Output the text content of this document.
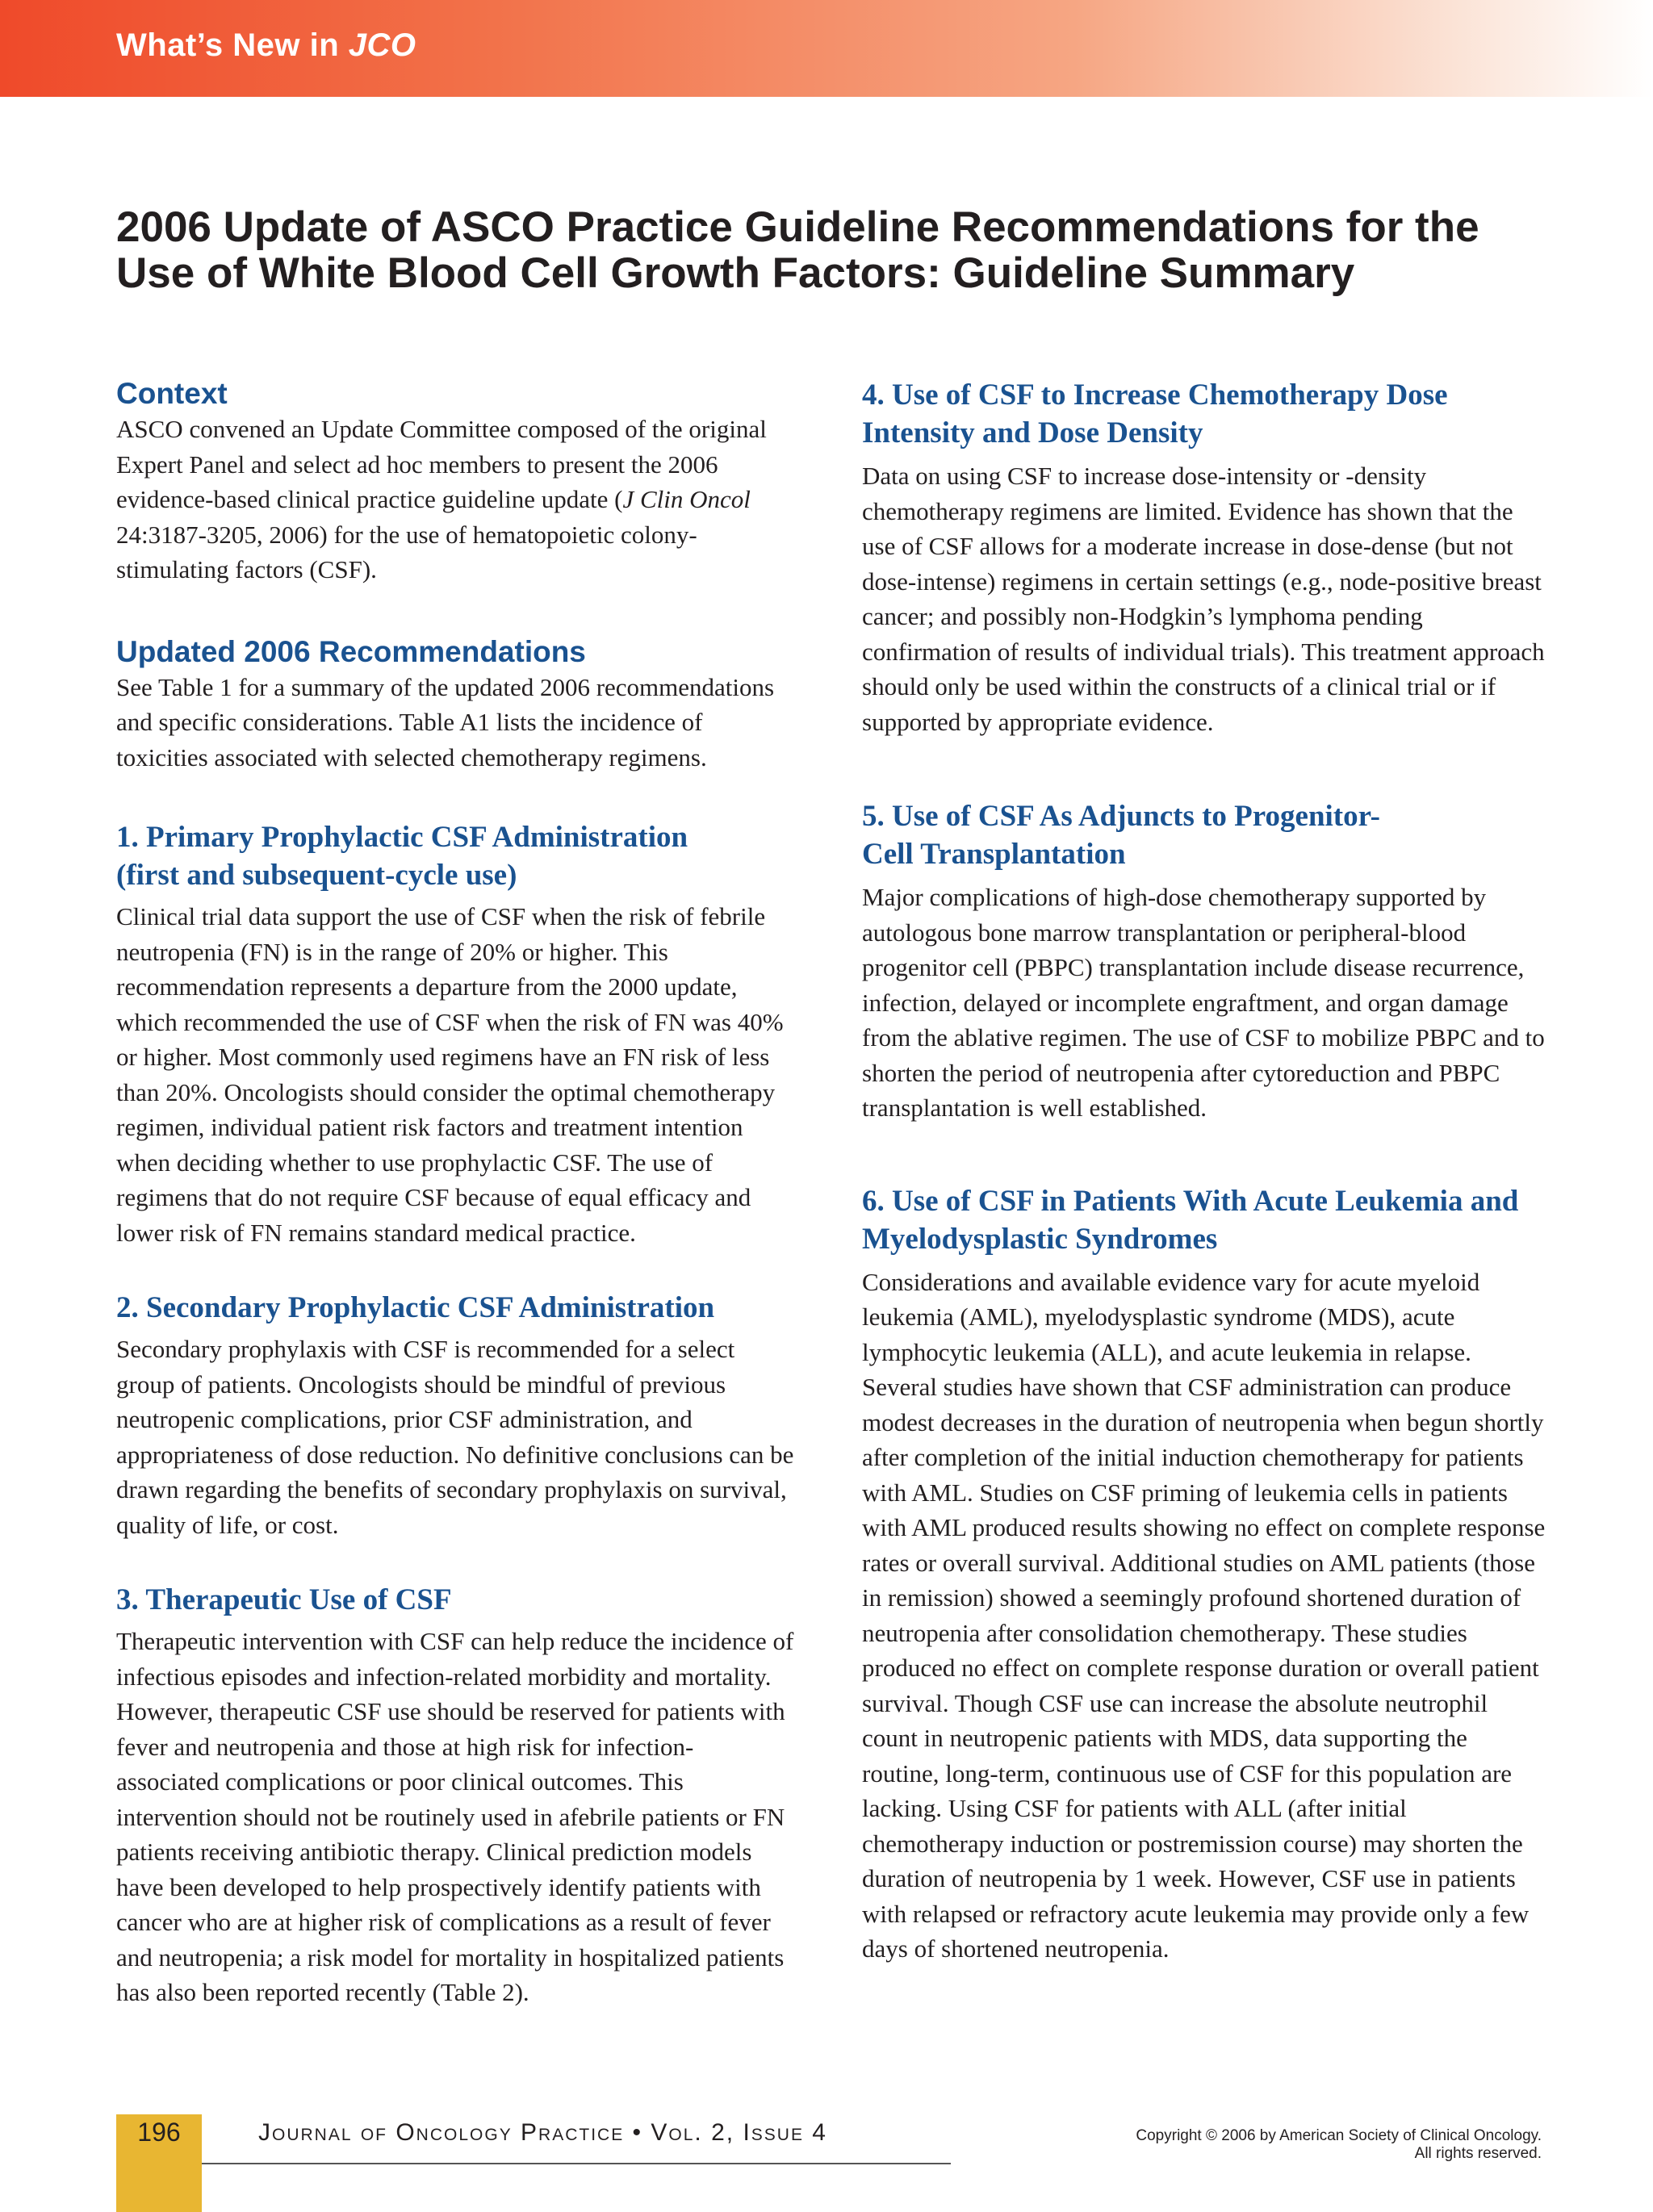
What’s New in JCO
2006 Update of ASCO Practice Guideline Recommendations for the Use of White Blood Cell Growth Factors: Guideline Summary
Context

ASCO convened an Update Committee composed of the original Expert Panel and select ad hoc members to present the 2006 evidence-based clinical practice guideline update (J Clin Oncol 24:3187-3205, 2006) for the use of hematopoietic colony-stimulating factors (CSF).

Updated 2006 Recommendations

See Table 1 for a summary of the updated 2006 recommendations and specific considerations. Table A1 lists the incidence of toxicities associated with selected chemotherapy regimens.

1. Primary Prophylactic CSF Administration
(first and subsequent-cycle use)

Clinical trial data support the use of CSF when the risk of febrile neutropenia (FN) is in the range of 20% or higher. This recommendation represents a departure from the 2000 update, which recommended the use of CSF when the risk of FN was 40% or higher. Most commonly used regimens have an FN risk of less than 20%. Oncologists should consider the optimal chemotherapy regimen, individual patient risk factors and treatment intention when deciding whether to use prophylactic CSF. The use of regimens that do not require CSF because of equal efficacy and lower risk of FN remains standard medical practice.

2. Secondary Prophylactic CSF Administration

Secondary prophylaxis with CSF is recommended for a select group of patients. Oncologists should be mindful of previous neutropenic complications, prior CSF administration, and appropriateness of dose reduction. No definitive conclusions can be drawn regarding the benefits of secondary prophylaxis on survival, quality of life, or cost.

3. Therapeutic Use of CSF

Therapeutic intervention with CSF can help reduce the incidence of infectious episodes and infection-related morbidity and mortality. However, therapeutic CSF use should be reserved for patients with fever and neutropenia and those at high risk for infection-associated complications or poor clinical outcomes. This intervention should not be routinely used in afebrile patients or FN patients receiving antibiotic therapy. Clinical prediction models have been developed to help prospectively identify patients with cancer who are at higher risk of complications as a result of fever and neutropenia; a risk model for mortality in hospitalized patients has also been reported recently (Table 2).

4. Use of CSF to Increase Chemotherapy Dose
Intensity and Dose Density

Data on using CSF to increase dose-intensity or -density chemotherapy regimens are limited. Evidence has shown that the use of CSF allows for a moderate increase in dose-dense (but not dose-intense) regimens in certain settings (e.g., node-positive breast cancer; and possibly non-Hodgkin’s lymphoma pending confirmation of results of individual trials). This treatment approach should only be used within the constructs of a clinical trial or if supported by appropriate evidence.

5. Use of CSF As Adjuncts to Progenitor-
Cell Transplantation

Major complications of high-dose chemotherapy supported by autologous bone marrow transplantation or peripheral-blood progenitor cell (PBPC) transplantation include disease recurrence, infection, delayed or incomplete engraftment, and organ damage from the ablative regimen. The use of CSF to mobilize PBPC and to shorten the period of neutropenia after cytoreduction and PBPC transplantation is well established.

6. Use of CSF in Patients With Acute Leukemia and
Myelodysplastic Syndromes

Considerations and available evidence vary for acute myeloid leukemia (AML), myelodysplastic syndrome (MDS), acute lymphocytic leukemia (ALL), and acute leukemia in relapse. Several studies have shown that CSF administration can produce modest decreases in the duration of neutropenia when begun shortly after completion of the initial induction chemotherapy for patients with AML. Studies on CSF priming of leukemia cells in patients with AML produced results showing no effect on complete response rates or overall survival. Additional studies on AML patients (those in remission) showed a seemingly profound shortened duration of neutropenia after consolidation chemotherapy. These studies produced no effect on complete response duration or overall patient survival. Though CSF use can increase the absolute neutrophil count in neutropenic patients with MDS, data supporting the routine, long-term, continuous use of CSF for this population are lacking. Using CSF for patients with ALL (after initial chemotherapy induction or postremission course) may shorten the duration of neutropenia by 1 week. However, CSF use in patients with relapsed or refractory acute leukemia may provide only a few days of shortened neutropenia.

196	Journal of Oncology Practice • Vol. 2, Issue 4	Copyright © 2006 by American Society of Clinical Oncology.
All rights reserved.
